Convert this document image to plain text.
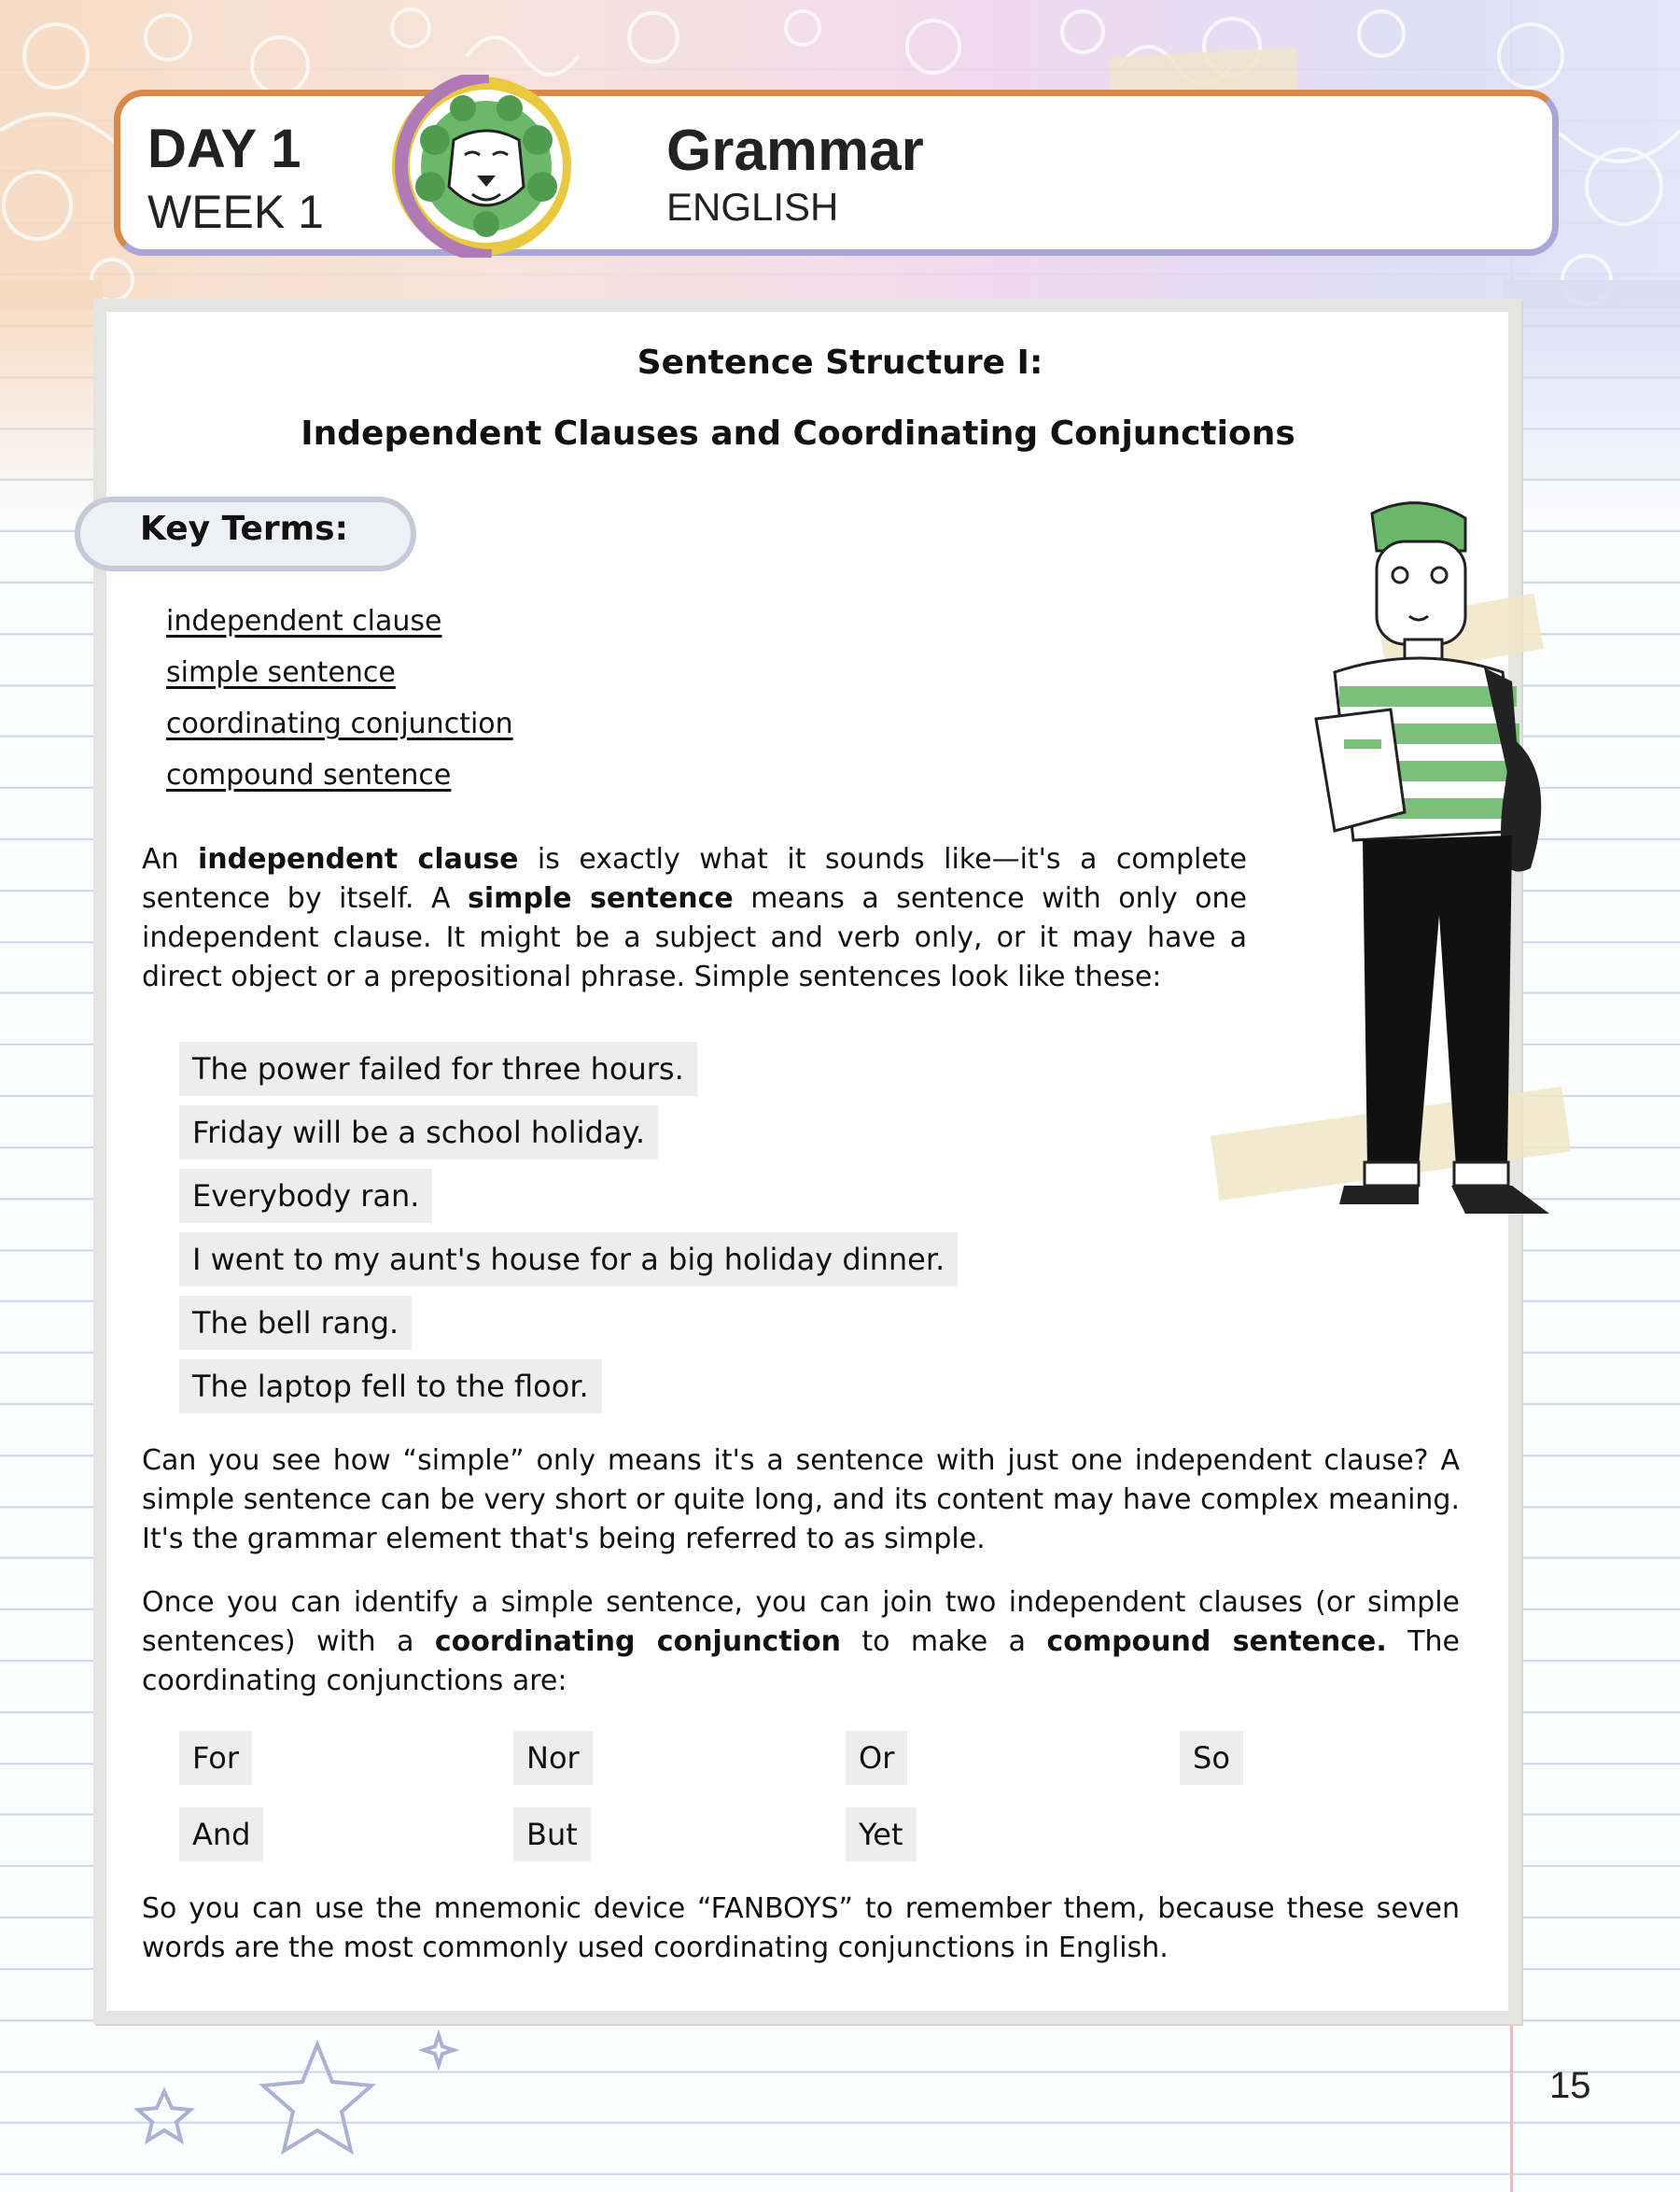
DAY 1
WEEK 1
Grammar
ENGLISH
Sentence Structure I:
Independent Clauses and Coordinating Conjunctions
Key Terms:
independent clause
simple sentence
coordinating conjunction
compound sentence
An independent clause is exactly what it sounds like—it's a complete sentence by itself. A simple sentence means a sentence with only one independent clause. It might be a subject and verb only, or it may have a direct object or a prepositional phrase. Simple sentences look like these:
The power failed for three hours.
Friday will be a school holiday.
Everybody ran.
I went to my aunt's house for a big holiday dinner.
The bell rang.
The laptop fell to the floor.
Can you see how “simple” only means it's a sentence with just one independent clause? A simple sentence can be very short or quite long, and its content may have complex meaning. It's the grammar element that's being referred to as simple.
Once you can identify a simple sentence, you can join two independent clauses (or simple sentences) with a coordinating conjunction to make a compound sentence. The coordinating conjunctions are:
For	Nor	Or	So
And	But	Yet
So you can use the mnemonic device “FANBOYS” to remember them, because these seven words are the most commonly used coordinating conjunctions in English.
15
